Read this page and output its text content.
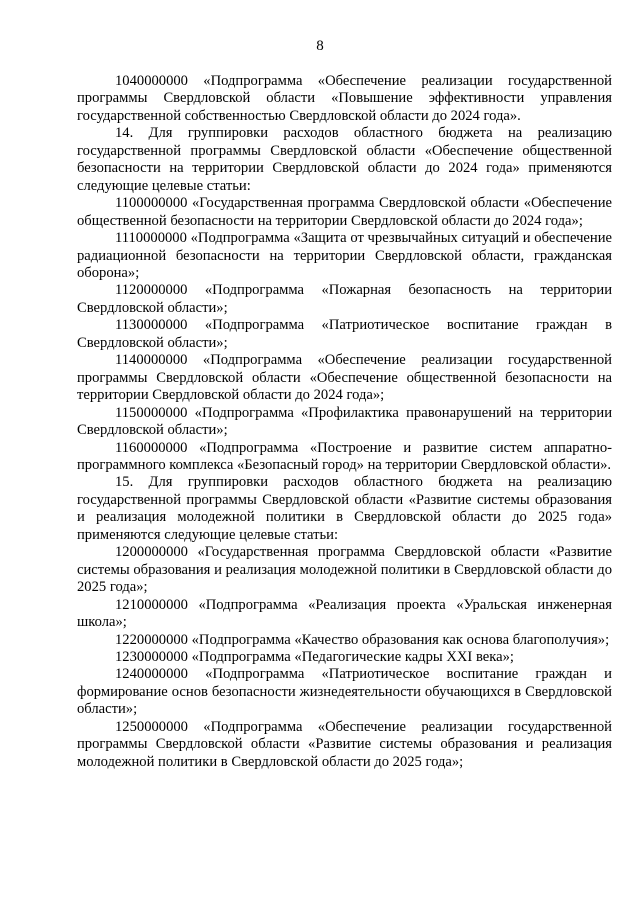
8

1040000000 «Подпрограмма «Обеспечение реализации государственной программы Свердловской области «Повышение эффективности управления государственной собственностью Свердловской области до 2024 года».

14. Для группировки расходов областного бюджета на реализацию государственной программы Свердловской области «Обеспечение общественной безопасности на территории Свердловской области до 2024 года» применяются следующие целевые статьи:

1100000000 «Государственная программа Свердловской области «Обеспечение общественной безопасности на территории Свердловской области до 2024 года»;

1110000000 «Подпрограмма «Защита от чрезвычайных ситуаций и обеспечение радиационной безопасности на территории Свердловской области, гражданская оборона»;

1120000000 «Подпрограмма «Пожарная безопасность на территории Свердловской области»;

1130000000 «Подпрограмма «Патриотическое воспитание граждан в Свердловской области»;

1140000000 «Подпрограмма «Обеспечение реализации государственной программы Свердловской области «Обеспечение общественной безопасности на территории Свердловской области до 2024 года»;

1150000000 «Подпрограмма «Профилактика правонарушений на территории Свердловской области»;

1160000000 «Подпрограмма «Построение и развитие систем аппаратно-программного комплекса «Безопасный город» на территории Свердловской области».

15. Для группировки расходов областного бюджета на реализацию государственной программы Свердловской области «Развитие системы образования и реализация молодежной политики в Свердловской области до 2025 года» применяются следующие целевые статьи:

1200000000 «Государственная программа Свердловской области «Развитие системы образования и реализация молодежной политики в Свердловской области до 2025 года»;

1210000000 «Подпрограмма «Реализация проекта «Уральская инженерная школа»;

1220000000 «Подпрограмма «Качество образования как основа благополучия»;

1230000000 «Подпрограмма «Педагогические кадры XXI века»;

1240000000 «Подпрограмма «Патриотическое воспитание граждан и формирование основ безопасности жизнедеятельности обучающихся в Свердловской области»;

1250000000 «Подпрограмма «Обеспечение реализации государственной программы Свердловской области «Развитие системы образования и реализация молодежной политики в Свердловской области до 2025 года»;
